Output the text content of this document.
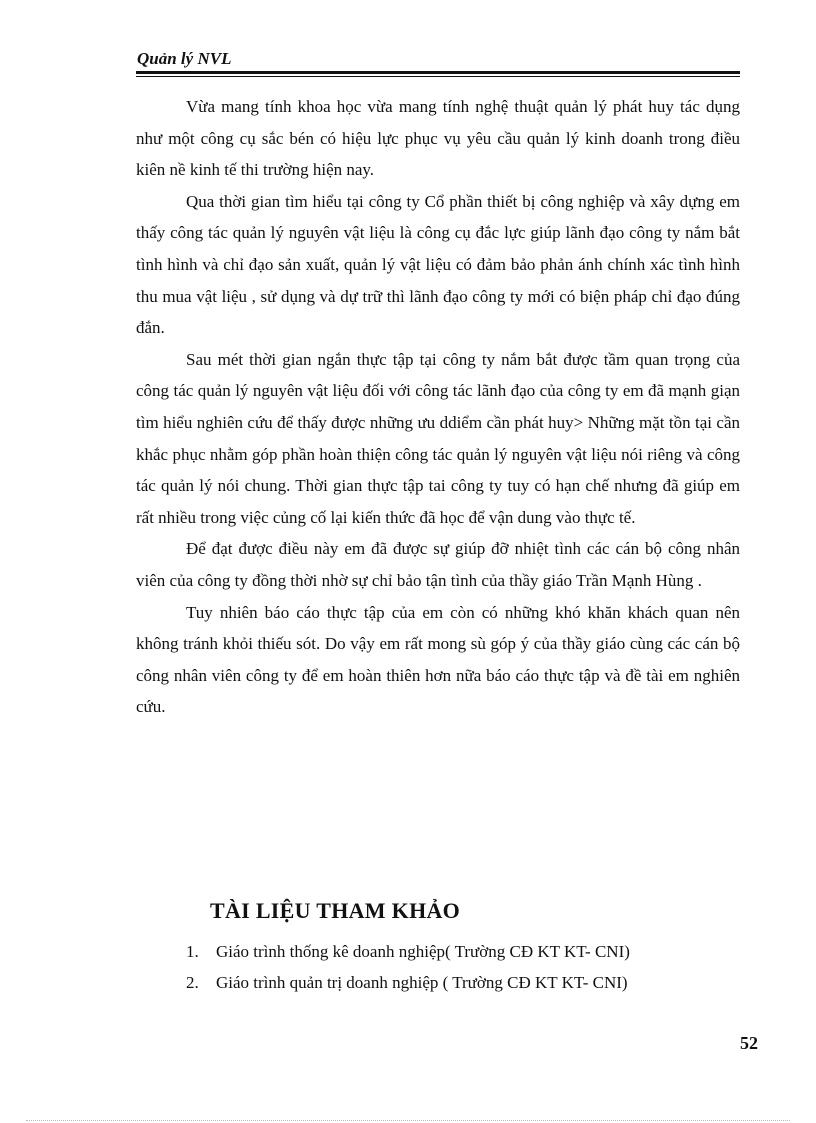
Quản lý NVL

Vừa mang tính khoa học vừa mang tính nghệ thuật quản lý phát huy tác dụng như một công cụ sắc bén có hiệu lực phục vụ yêu cầu quản lý kinh doanh trong điều kiên nề kinh tế thi trường hiện nay.

Qua thời gian tìm hiểu tại công ty Cổ phần thiết bị công nghiệp và xây dựng em thấy công tác quản lý nguyên vật liệu là công cụ đắc lực giúp lãnh đạo công ty nắm bắt tình hình và chỉ đạo sản xuất, quản lý vật liệu có đảm bảo phản ánh chính xác tình hình thu mua vật liệu , sử dụng và dự trữ thì lãnh đạo công ty mới có biện pháp chỉ đạo đúng đắn.

Sau mét thời gian ngắn thực tập tại công ty nắm bắt được tầm quan trọng của công tác quản lý nguyên vật liệu đối với công tác lãnh đạo của công ty em đã mạnh giạn tìm hiểu nghiên cứu để thấy được những ưu ddiểm cần phát huy> Những mặt tồn tại cần khắc phục nhằm góp phần hoàn thiện công tác quản lý nguyên vật liệu nói riêng và công tác quản lý nói chung. Thời gian thực tập tai công ty tuy có hạn chế nhưng đã giúp em rất nhiều trong việc củng cố lại kiến thức đã học để vận dung vào thực tế.

Để đạt được điều này em đã được sự giúp đỡ nhiệt tình các cán bộ công nhân viên của công ty đồng thời nhờ sự chỉ bảo tận tình của thầy giáo Trần Mạnh Hùng .

Tuy nhiên báo cáo thực tập của em còn có những khó khăn khách quan nên không tránh khỏi thiếu sót. Do vậy em rất mong sù góp ý của thầy giáo cùng các cán bộ công nhân viên công ty để em hoàn thiên hơn nữa báo cáo thực tập và đề tài em nghiên cứu.

TÀI LIỆU THAM KHẢO
1. Giáo trình thống kê doanh nghiệp( Trường CĐ KT KT- CNI)
2. Giáo trình quản trị doanh nghiệp ( Trường CĐ KT KT- CNI)
52
